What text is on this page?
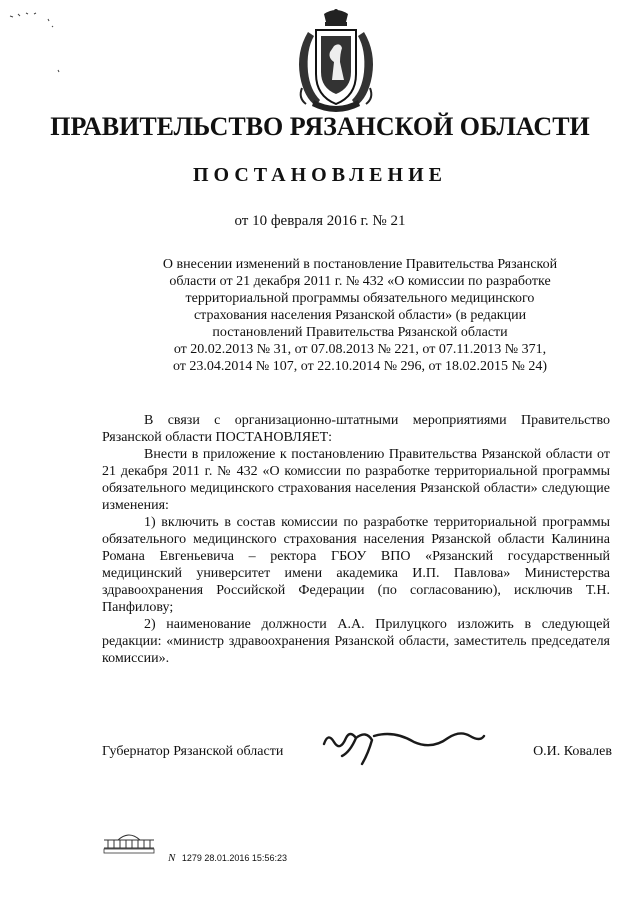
ПРАВИТЕЛЬСТВО РЯЗАНСКОЙ ОБЛАСТИ
ПОСТАНОВЛЕНИЕ
от 10 февраля 2016 г. № 21
О внесении изменений в постановление Правительства Рязанской
области от 21 декабря 2011 г. № 432 «О комиссии по разработке
территориальной программы обязательного медицинского
страхования населения Рязанской области» (в редакции
постановлений Правительства Рязанской области
от 20.02.2013 № 31, от 07.08.2013 № 221, от 07.11.2013 № 371,
от 23.04.2014 № 107, от 22.10.2014 № 296, от 18.02.2015 № 24)

В связи с организационно-штатными мероприятиями Правительство Рязанской области ПОСТАНОВЛЯЕТ:

Внести в приложение к постановлению Правительства Рязанской области от 21 декабря 2011 г. № 432 «О комиссии по разработке территориальной программы обязательного медицинского страхования населения Рязанской области» следующие изменения:

1) включить в состав комиссии по разработке территориальной программы обязательного медицинского страхования населения Рязанской области Калинина Романа Евгеньевича – ректора ГБОУ ВПО «Рязанский государственный медицинский университет имени академика И.П. Павлова» Министерства здравоохранения Российской Федерации (по согласованию), исключив Т.Н. Панфилову;

2) наименование должности А.А. Прилуцкого изложить в следующей редакции: «министр здравоохранения Рязанской области, заместитель председателя комиссии».

Губернатор Рязанской области	О.И. Ковалев
N 1279 28.01.2016 15:56:23
